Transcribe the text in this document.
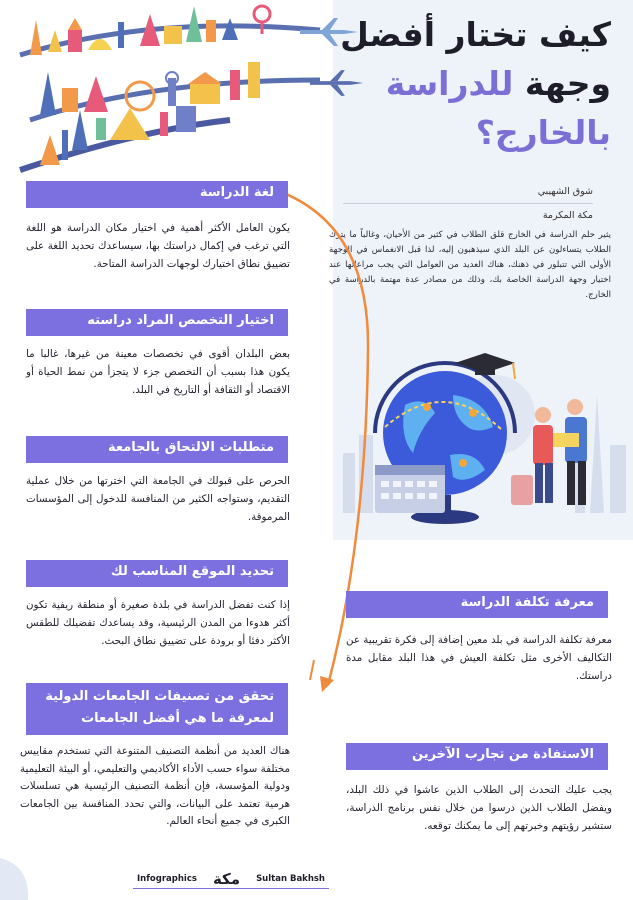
كيف تختار أفضل
وجهة للدراسة
بالخارج؟
شوق الشهيبي
مكة المكرمة
يثير حلم الدراسة في الخارج قلق الطلاب في كثير من الأحيان، وغالباً ما يترك الطلاب يتساءلون عن البلد الذي سيذهبون إليه، لذا قبل الانغماس في الوجهة الأولى التي تتبلور في ذهنك، هناك العديد من العوامل التي يجب مراعاتها عند اختيار وجهة الدراسة الخاصة بك، وذلك من مصادر عدة مهتمة بالدراسة في الخارج.
لغة الدراسة
يكون العامل الأكثر أهمية في اختيار مكان الدراسة هو اللغة التي ترغب في إكمال دراستك بها، سيساعدك تحديد اللغة على تضييق نطاق اختيارك لوجهات الدراسة المتاحة.
اختيار التخصص المراد دراسته
بعض البلدان أقوى في تخصصات معينة من غيرها، غالبا ما يكون هذا بسبب أن التخصص جزء لا يتجزأ من نمط الحياة أو الاقتصاد أو الثقافة أو التاريخ في البلد.
متطلبات الالتحاق بالجامعة
الحرص على قبولك في الجامعة التي اخترتها من خلال عملية التقديم، وستواجه الكثير من المنافسة للدخول إلى المؤسسات المرموقة.
تحديد الموقع المناسب لك
إذا كنت تفضل الدراسة في بلدة صغيرة أو منطقة ريفية تكون أكثر هدوءا من المدن الرئيسية، وقد يساعدك تفضيلك للطقس الأكثر دفئا أو برودة على تضييق نطاق البحث.
تحقق من تصنيفات الجامعات الدولية
لمعرفة ما هي أفضل الجامعات
هناك العديد من أنظمة التصنيف المتنوعة التي تستخدم مقاييس مختلفة سواء حسب الأداء الأكاديمي والتعليمي، أو البيئة التعليمية ودولية المؤسسة، فإن أنظمة التصنيف الرئيسية هي تسلسلات هرمية تعتمد على البيانات، والتي تحدد المنافسة بين الجامعات الكبرى في جميع أنحاء العالم.
معرفة تكلفة الدراسة
معرفة تكلفة الدراسة في بلد معين إضافة إلى فكرة تقريبية عن التكاليف الأخرى مثل تكلفة العيش في هذا البلد مقابل مدة دراستك.
الاستفادة من تجارب الآخرين
يجب عليك التحدث إلى الطلاب الذين عاشوا في ذلك البلد، ويفضل الطلاب الذين درسوا من خلال نفس برنامج الدراسة، ستشير رؤيتهم وخبرتهم إلى ما يمكنك توقعه.
Infographics مكة Sultan Bakhsh
